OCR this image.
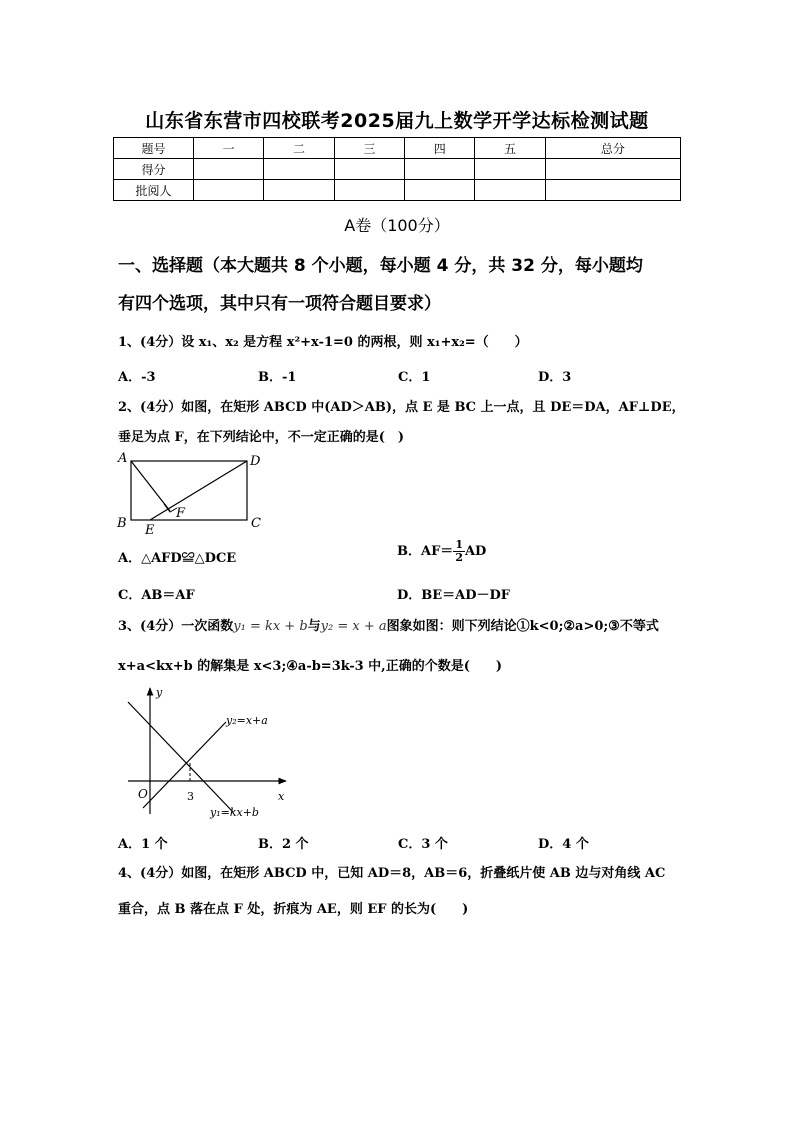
山东省东营市四校联考2025届九上数学开学达标检测试题
题号	一	二	三	四	五	总分
得分						
批阅人						
A卷（100分）
一、选择题（本大题共 8 个小题，每小题 4 分，共 32 分，每小题均
有四个选项，其中只有一项符合题目要求）
1、(4分）设 x₁、x₂ 是方程 x²+x-1=0 的两根，则 x₁+x₂=（　　）
A．-3	B．-1	C．1	D．3
2、(4分）如图，在矩形 ABCD 中(AD＞AB)，点 E 是 BC 上一点，且 DE＝DA，AF⊥DE，
垂足为点 F，在下列结论中，不一定正确的是(　)
A	D
B E
F
C
A．△AFD≌△DCE	B．$AF= \frac{1}{2}$ AD
C．AB＝AF	D．BE＝AD－DF
3、(4分）一次函数y₁ = kx + b与y₂ = x + a图象如图：则下列结论①k<0;②a>0;③不等式
x+a<kx+b 的解集是 x<3;④a-b=3k-3 中,正确的个数是(　　)
y
x
O	3
y₂=x+a
y₁=kx+b
A．1 个	B．2 个	C．3 个	D．4 个
4、(4分）如图，在矩形 ABCD 中，已知 AD＝8，AB＝6，折叠纸片使 AB 边与对角线 AC
重合，点 B 落在点 F 处，折痕为 AE，则 EF 的长为(　　)
